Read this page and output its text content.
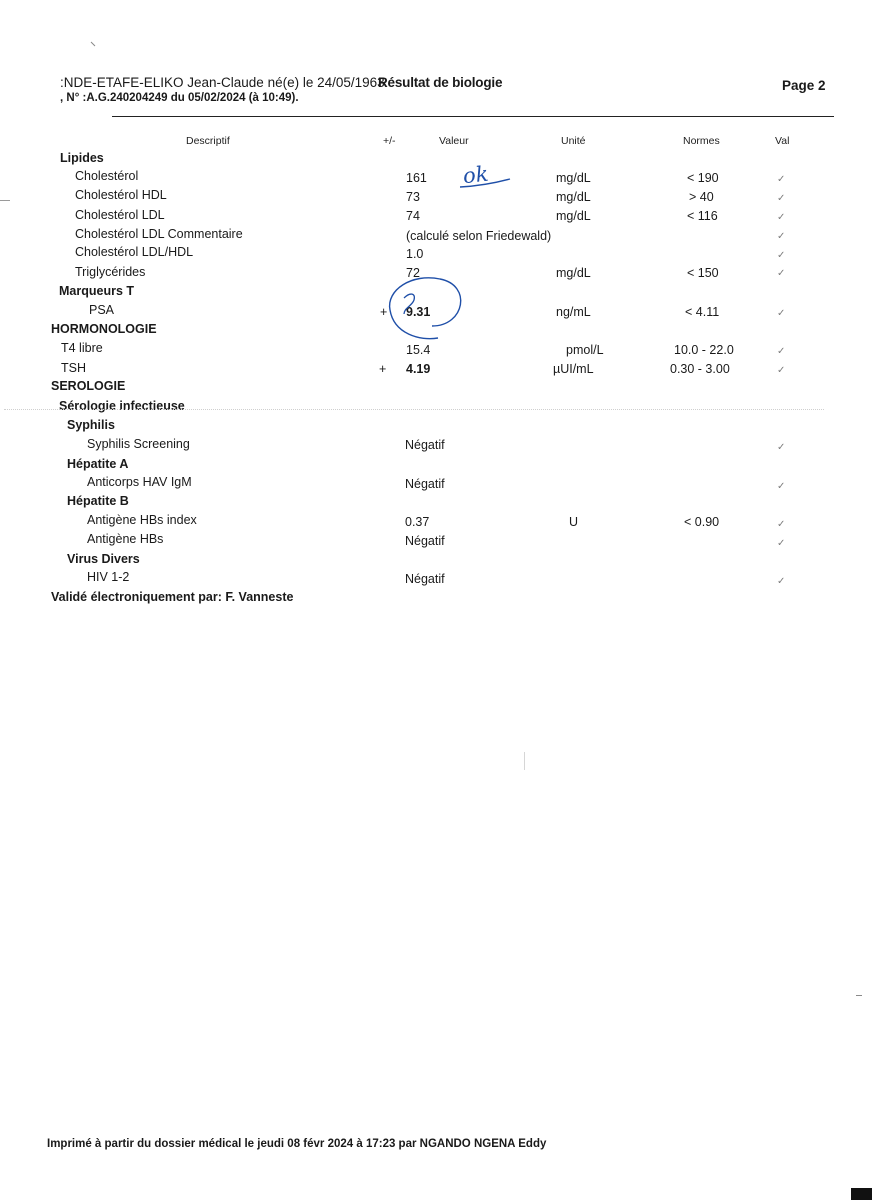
:NDE-ETAFE-ELIKO Jean-Claude né(e) le 24/05/1963
Résultat de biologie
, N° :A.G.240204249 du 05/02/2024 (à 10:49).
Page 2
Descriptif	+/-	Valeur	Unité	Normes	Val
Lipides
Marqueurs T
HORMONOLOGIE
SEROLOGIE
Sérologie infectieuse
Syphilis
Hépatite A
Hépatite B
Virus Divers
Cholestérol	161	mg/dL	< 190	✓
Cholestérol HDL	73	mg/dL	> 40	✓
Cholestérol LDL	74	mg/dL	< 116	✓
Cholestérol LDL Commentaire	(calculé selon Friedewald)	✓
Cholestérol LDL/HDL	1.0	✓
Triglycérides	72	mg/dL	< 150	✓
PSA	+ 9.31	ng/mL	< 4.11	✓
T4 libre	15.4	pmol/L	10.0 - 22.0	✓
TSH	+ 4.19	µUI/mL	0.30 - 3.00	✓
Syphilis Screening	Négatif	✓
Anticorps HAV IgM	Négatif	✓
Antigène HBs index	0.37	U	< 0.90	✓
Antigène HBs	Négatif	✓
HIV 1-2	Négatif	✓
Validé électroniquement par: F. Vanneste
ok
Imprimé à partir du dossier médical le jeudi 08 févr 2024 à 17:23 par NGANDO NGENA Eddy
